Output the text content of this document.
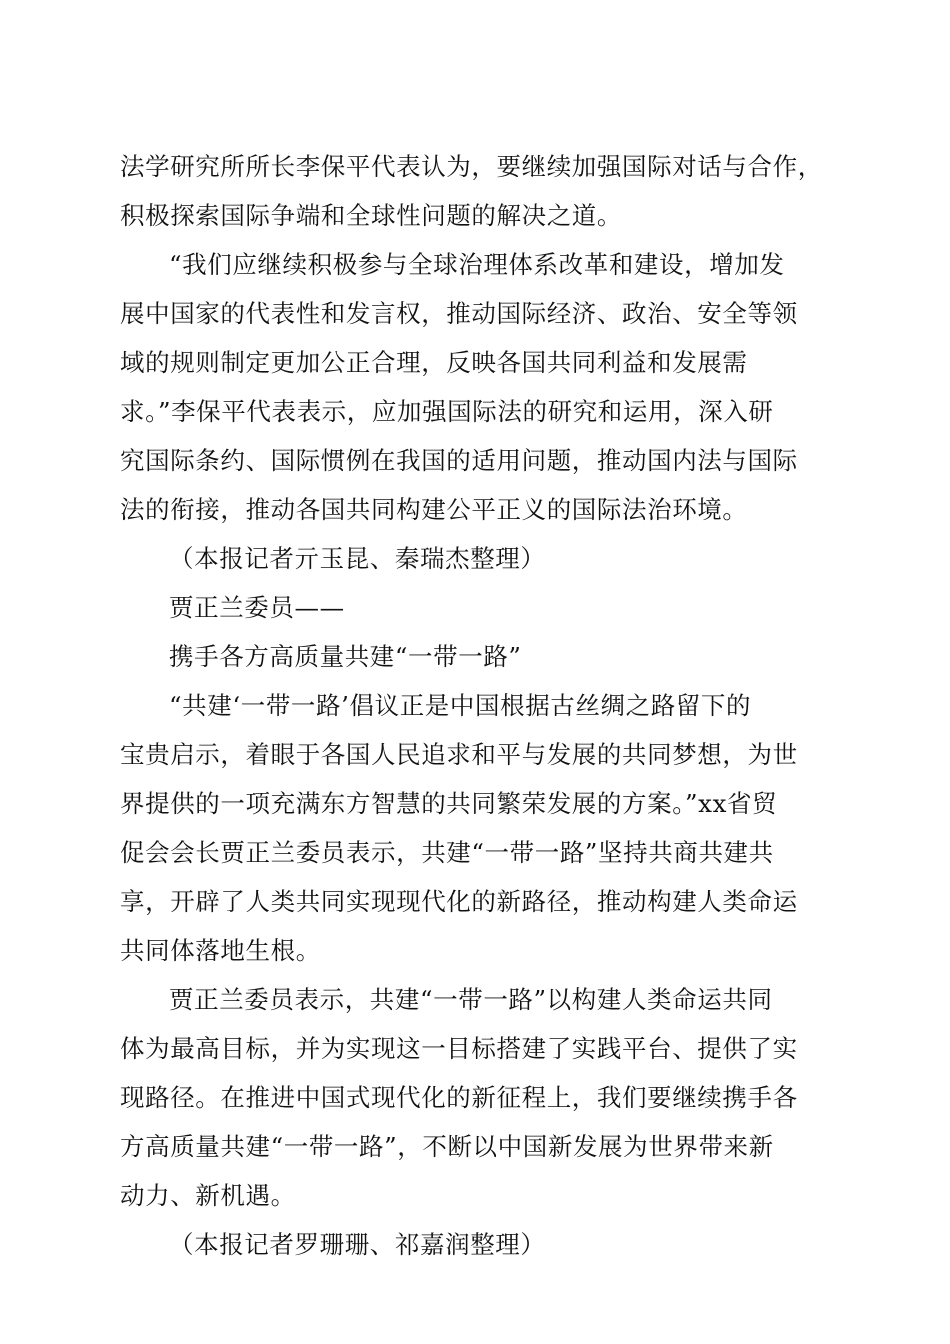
法学研究所所长李保平代表认为，要继续加强国际对话与合作，
积极探索国际争端和全球性问题的解决之道。

“我们应继续积极参与全球治理体系改革和建设，增加发
展中国家的代表性和发言权，推动国际经济、政治、安全等领
域的规则制定更加公正合理，反映各国共同利益和发展需
求。”李保平代表表示，应加强国际法的研究和运用，深入研
究国际条约、国际惯例在我国的适用问题，推动国内法与国际
法的衔接，推动各国共同构建公平正义的国际法治环境。

（本报记者亓玉昆、秦瑞杰整理）

贾正兰委员——

携手各方高质量共建“一带一路”

“共建‘一带一路’倡议正是中国根据古丝绸之路留下的
宝贵启示，着眼于各国人民追求和平与发展的共同梦想，为世
界提供的一项充满东方智慧的共同繁荣发展的方案。”xx省贸
促会会长贾正兰委员表示，共建“一带一路”坚持共商共建共
享，开辟了人类共同实现现代化的新路径，推动构建人类命运
共同体落地生根。

贾正兰委员表示，共建“一带一路”以构建人类命运共同
体为最高目标，并为实现这一目标搭建了实践平台、提供了实
现路径。在推进中国式现代化的新征程上，我们要继续携手各
方高质量共建“一带一路”，不断以中国新发展为世界带来新
动力、新机遇。

（本报记者罗珊珊、祁嘉润整理）
